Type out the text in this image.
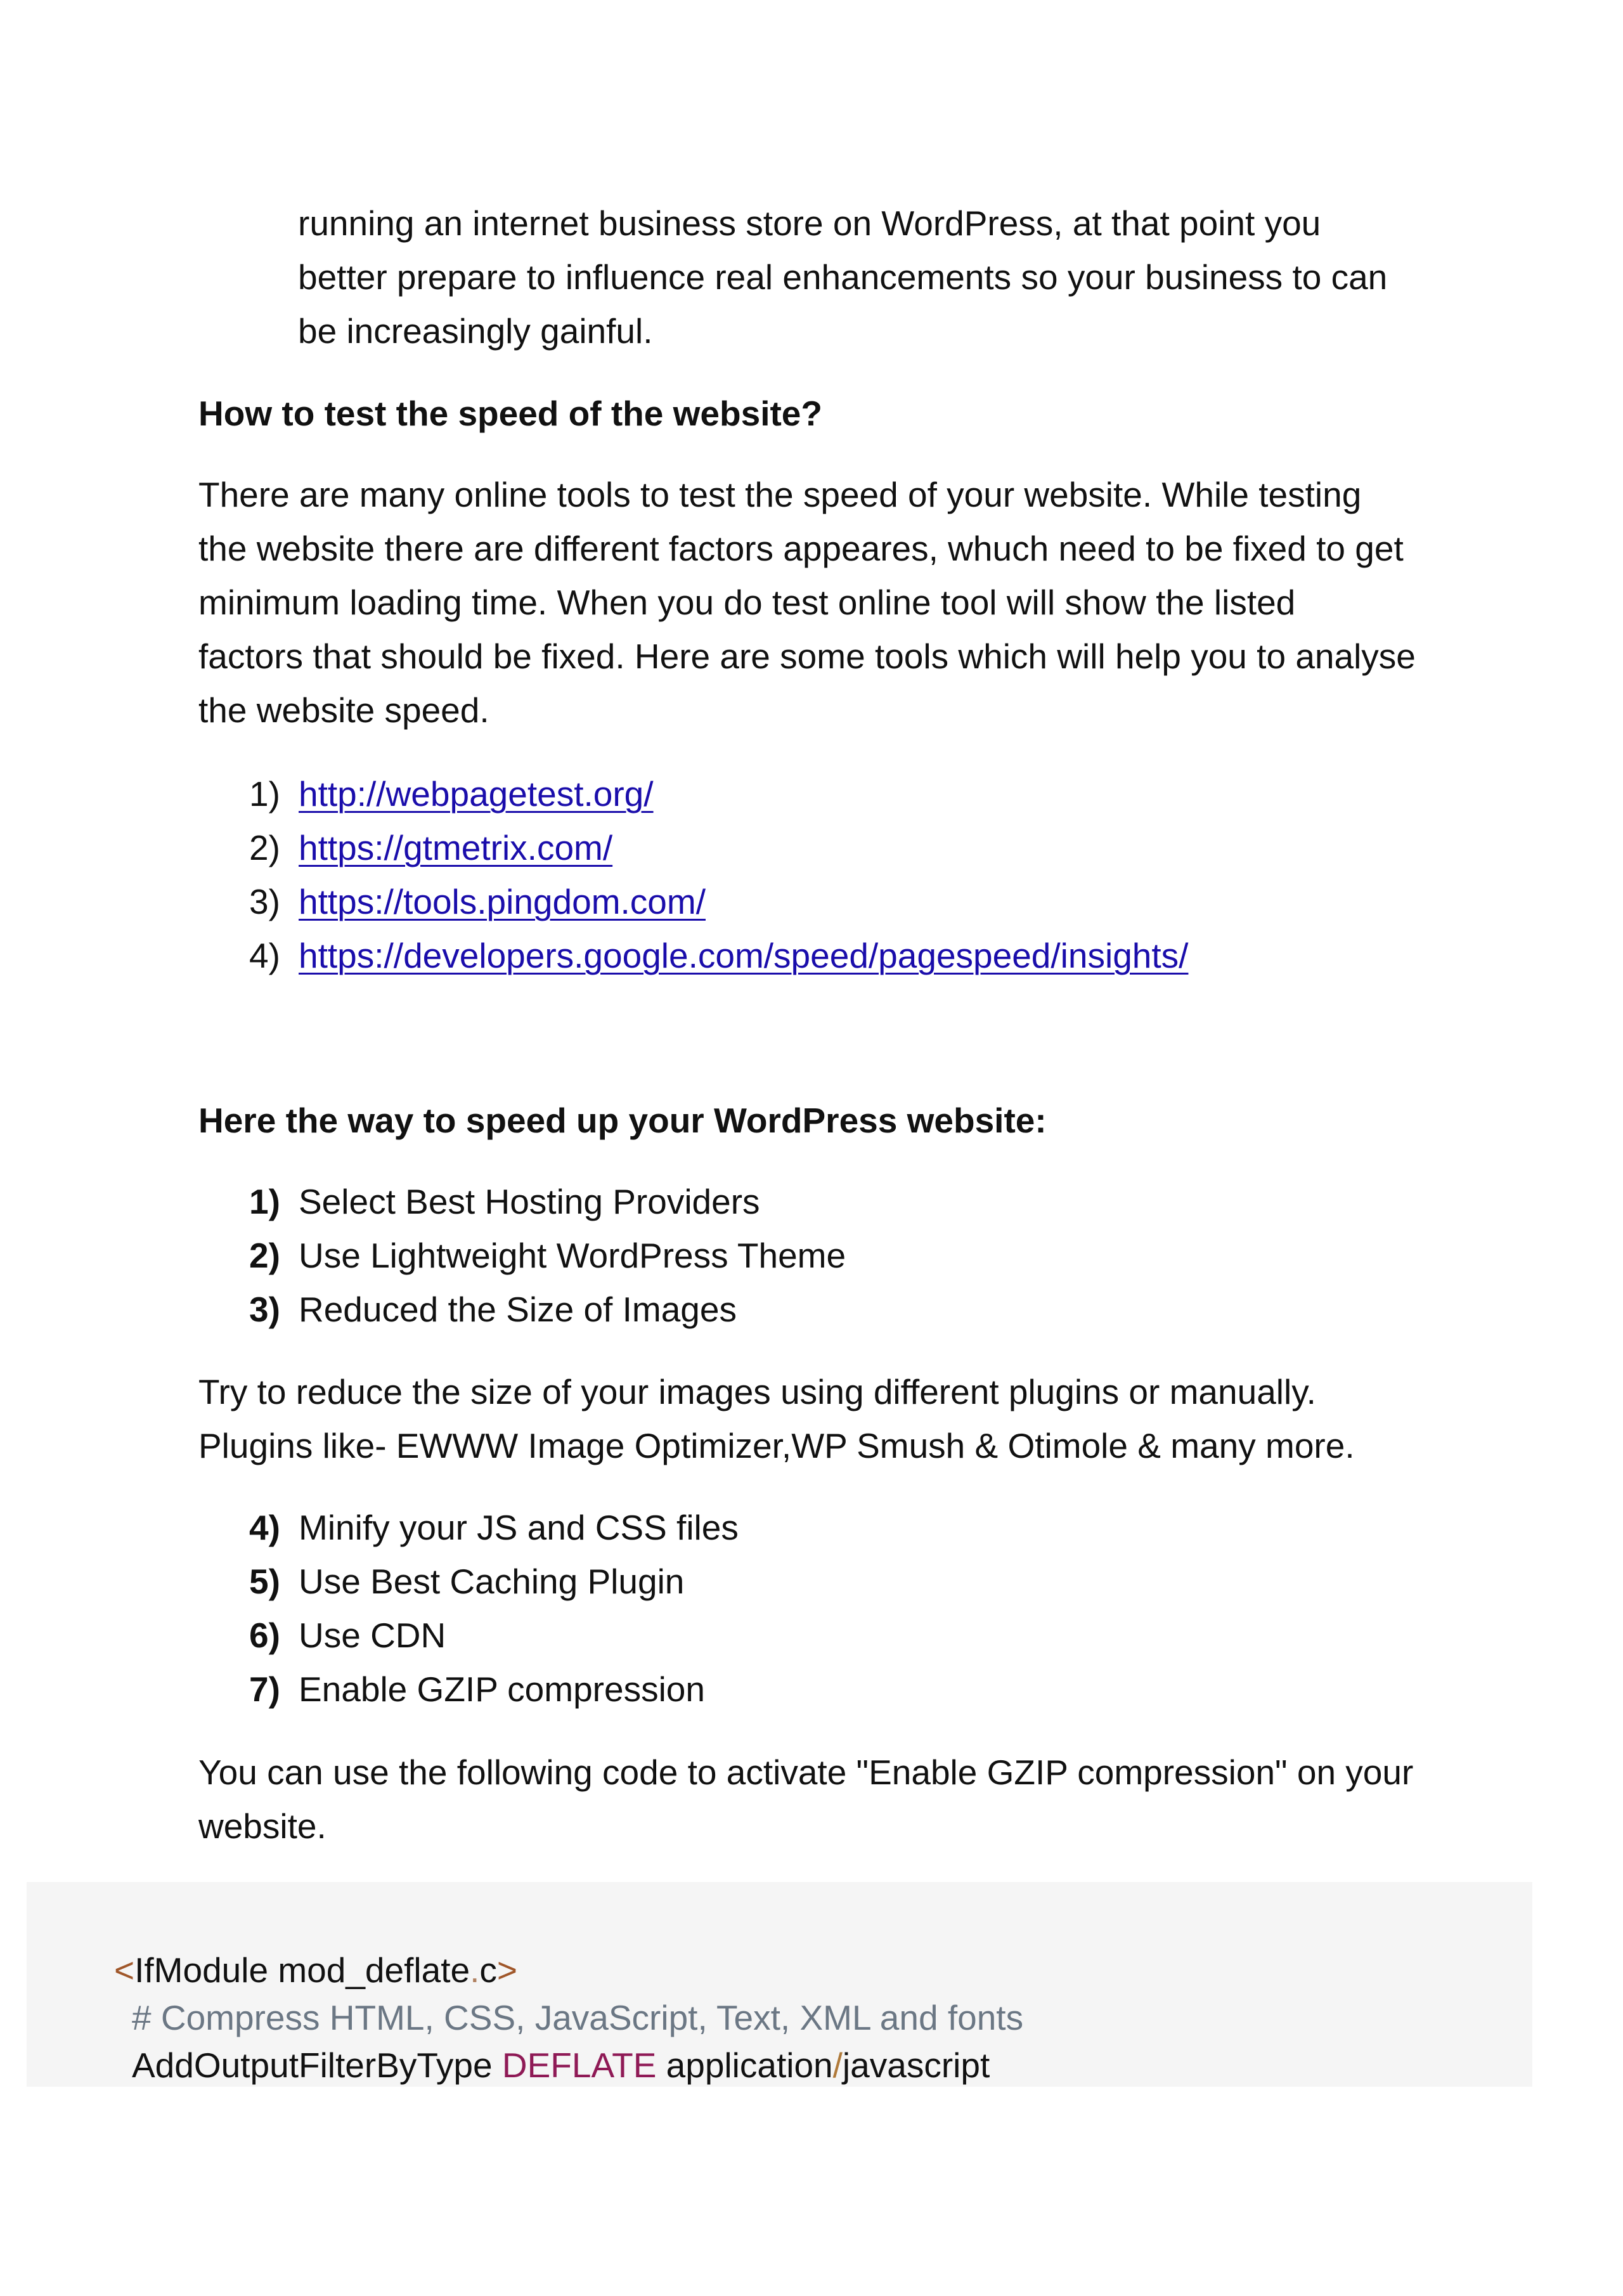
running an internet business store on WordPress, at that point you
better prepare to influence real enhancements so your business to can
be increasingly gainful.

How to test the speed of the website?

There are many online tools to test the speed of your website. While testing
the website there are different factors appeares, whuch need to be fixed to get
minimum loading time. When you do test online tool will show the listed
factors that should be fixed. Here are some tools which will help you to analyse
the website speed.

1) http://webpagetest.org/
2) https://gtmetrix.com/
3) https://tools.pingdom.com/
4) https://developers.google.com/speed/pagespeed/insights/
Here the way to speed up your WordPress website:
1) Select Best Hosting Providers
2) Use Lightweight WordPress Theme
3) Reduced the Size of Images

Try to reduce the size of your images using different plugins or manually.
Plugins like- EWWW Image Optimizer,WP Smush & Otimole & many more.

4) Minify your JS and CSS files
5) Use Best Caching Plugin
6) Use CDN
7) Enable GZIP compression

You can use the following code to activate "Enable GZIP compression" on your
website.

<IfModule mod_deflate.c>
# Compress HTML, CSS, JavaScript, Text, XML and fonts
AddOutputFilterByType DEFLATE application/javascript
